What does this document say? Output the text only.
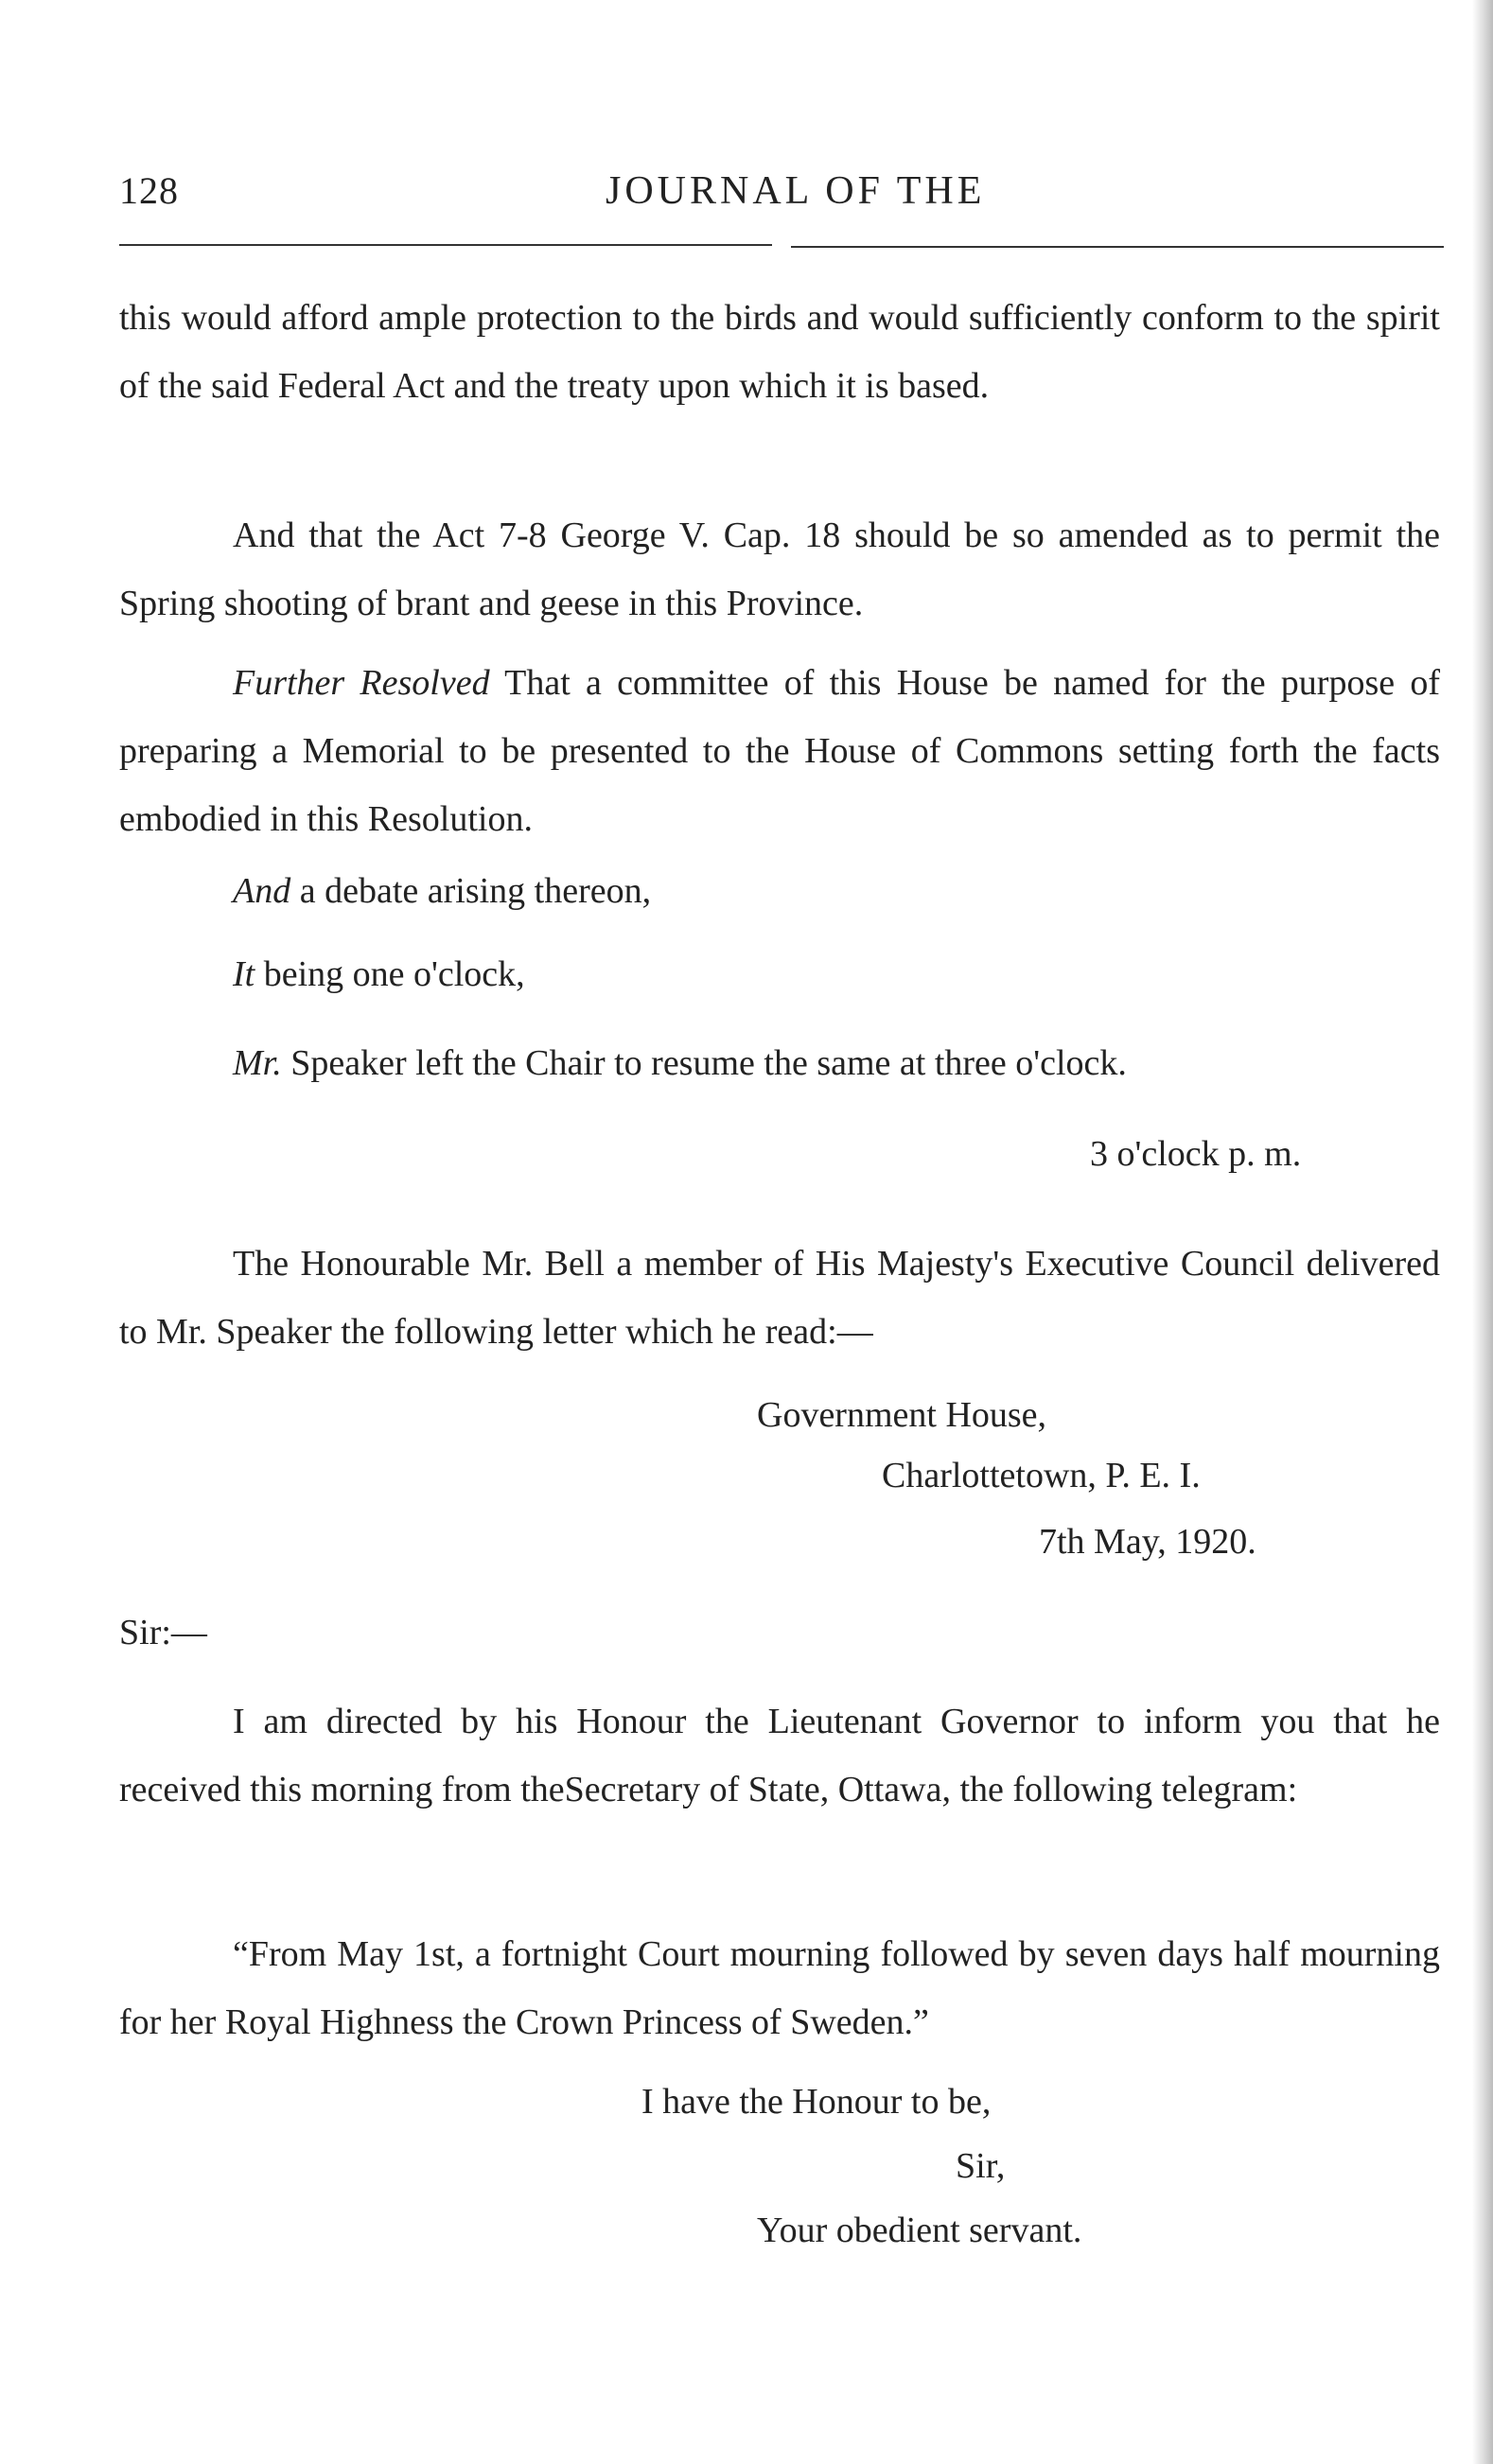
128	JOURNAL OF THE
this would afford ample protection to the birds and would sufficiently conform to the spirit of the said Federal Act and the treaty upon which it is based.
And that the Act 7-8 George V. Cap. 18 should be so amended as to permit the Spring shooting of brant and geese in this Province.
Further Resolved That a committee of this House be named for the purpose of preparing a Memorial to be presented to the House of Commons setting forth the facts embodied in this Resolution.
And a debate arising thereon,
It being one o'clock,
Mr. Speaker left the Chair to resume the same at three o'clock.
3 o'clock p. m.
The Honourable Mr. Bell a member of His Majesty's Executive Council delivered to Mr. Speaker the following letter which he read:—
Government House,
Charlottetown, P. E. I.
7th May, 1920.
Sir:—
I am directed by his Honour the Lieutenant Governor to inform you that he received this morning from theSecretary of State, Ottawa, the following telegram:
“From May 1st, a fortnight Court mourning followed by seven days half mourning for her Royal Highness the Crown Princess of Sweden.”
I have the Honour to be,
Sir,
Your obedient servant.
